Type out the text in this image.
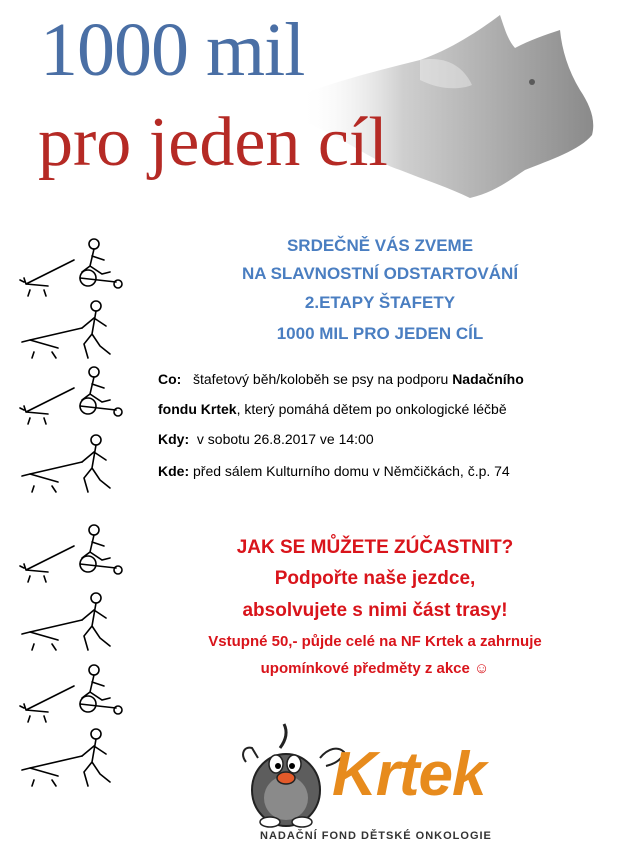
1000 mil
pro jeden cíl
SRDEČNĚ VÁS ZVEME
NA SLAVNOSTNÍ ODSTARTOVÁNÍ
2.ETAPY ŠTAFETY
1000 MIL PRO JEDEN CÍL
Co: štafetový běh/koloběh se psy na podporu Nadačního
fondu Krtek, který pomáhá dětem po onkologické léčbě
Kdy: v sobotu 26.8.2017 ve 14:00
Kde: před sálem Kulturního domu v Němčičkách, č.p. 74
JAK SE MŮŽETE ZÚČASTNIT?
Podpořte naše jezdce,
absolvujete s nimi část trasy!
Vstupné 50,- půjde celé na NF Krtek a zahrnuje
upomínkové předměty z akce ☺
Krtek
NADAČNÍ FOND DĚTSKÉ ONKOLOGIE
